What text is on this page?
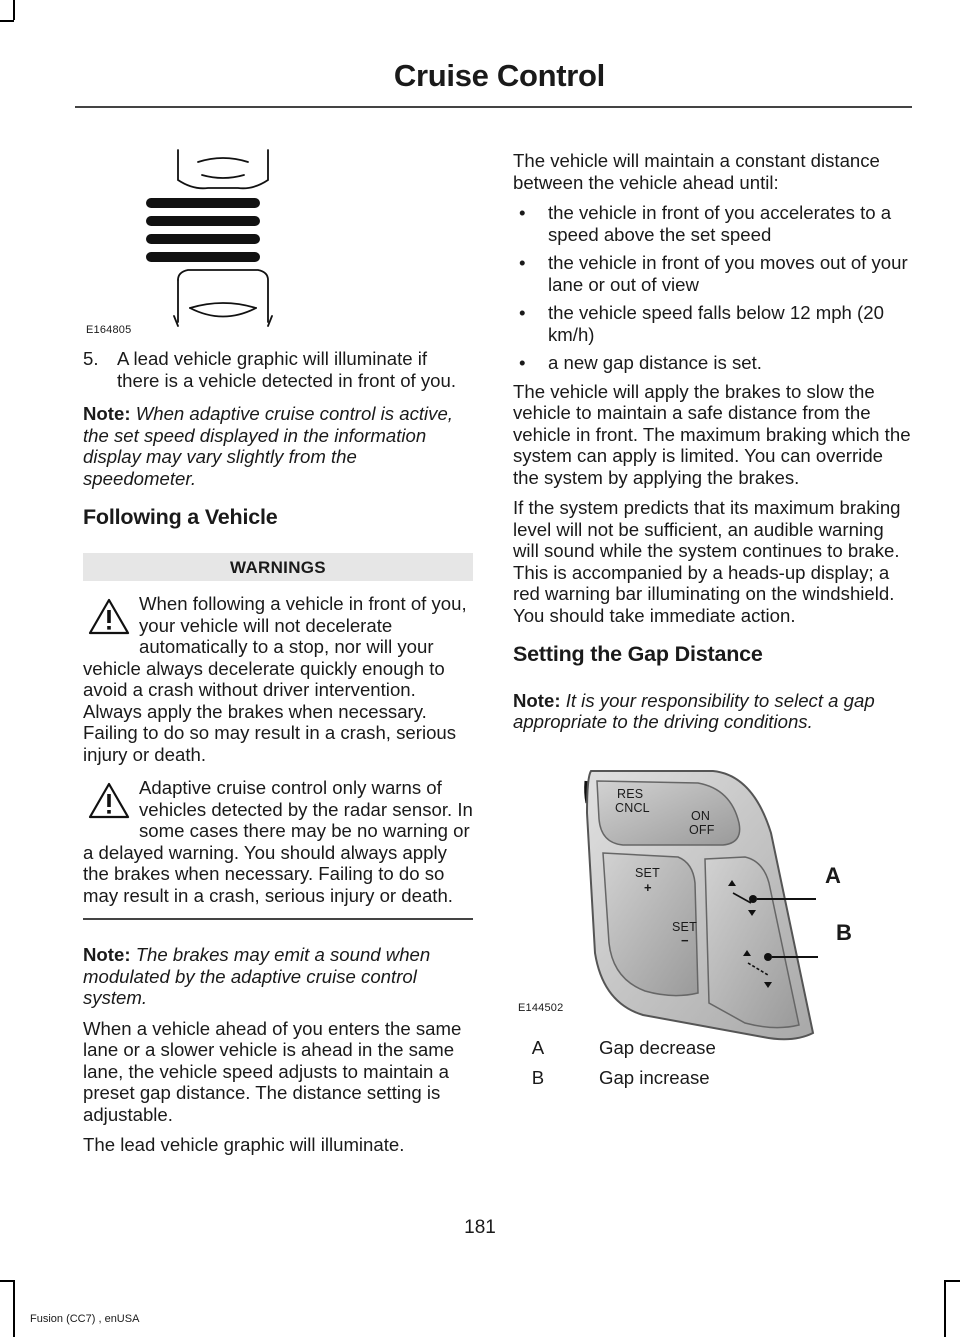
Cruise Control
E164805
5. A lead vehicle graphic will illuminate if there is a vehicle detected in front of you.

Note: When adaptive cruise control is active, the set speed displayed in the information display may vary slightly from the speedometer.

Following a Vehicle
WARNINGS
When following a vehicle in front of you, your vehicle will not decelerate automatically to a stop, nor will your vehicle always decelerate quickly enough to avoid a crash without driver intervention. Always apply the brakes when necessary. Failing to do so may result in a crash, serious injury or death.
Adaptive cruise control only warns of vehicles detected by the radar sensor. In some cases there may be no warning or a delayed warning. You should always apply the brakes when necessary. Failing to do so may result in a crash, serious injury or death.

Note: The brakes may emit a sound when modulated by the adaptive cruise control system.

When a vehicle ahead of you enters the same lane or a slower vehicle is ahead in the same lane, the vehicle speed adjusts to maintain a preset gap distance. The distance setting is adjustable.

The lead vehicle graphic will illuminate.

The vehicle will maintain a constant distance between the vehicle ahead until:

•	the vehicle in front of you accelerates to a speed above the set speed
•	the vehicle in front of you moves out of your lane or out of view
•	the vehicle speed falls below 12 mph (20 km/h)
•	a new gap distance is set.

The vehicle will apply the brakes to slow the vehicle to maintain a safe distance from the vehicle in front. The maximum braking which the system can apply is limited. You can override the system by applying the brakes.

If the system predicts that its maximum braking level will not be sufficient, an audible warning will sound while the system continues to brake. This is accompanied by a heads-up display; a red warning bar illuminating on the windshield. You should take immediate action.

Setting the Gap Distance

Note: It is your responsibility to select a gap appropriate to the driving conditions.

RES
CNCL
ON
OFF
SET
+
SET
−
A
B
E144502
A	Gap decrease
B	Gap increase
181
Fusion (CC7) , enUSA
